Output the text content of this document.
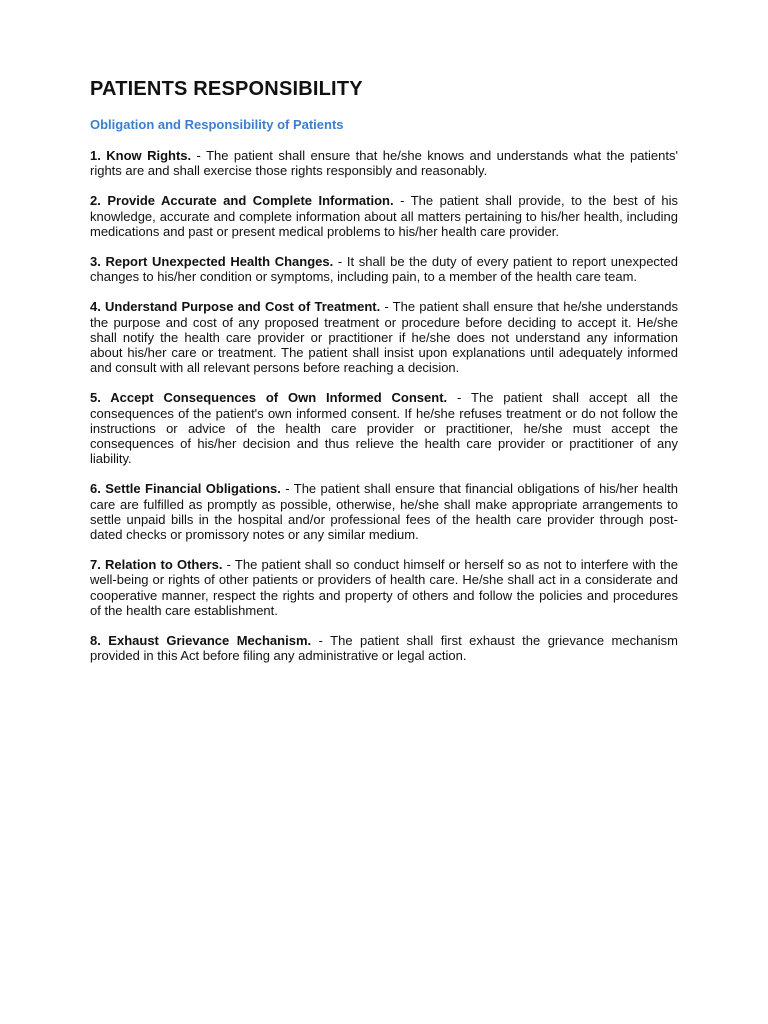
PATIENTS RESPONSIBILITY
Obligation and Responsibility of Patients

1. Know Rights. - The patient shall ensure that he/she knows and understands what the patients' rights are and shall exercise those rights responsibly and reasonably.

2. Provide Accurate and Complete Information. - The patient shall provide, to the best of his knowledge, accurate and complete information about all matters pertaining to his/her health, including medications and past or present medical problems to his/her health care provider.

3. Report Unexpected Health Changes. - It shall be the duty of every patient to report unexpected changes to his/her condition or symptoms, including pain, to a member of the health care team.

4. Understand Purpose and Cost of Treatment. - The patient shall ensure that he/she understands the purpose and cost of any proposed treatment or procedure before deciding to accept it. He/she shall notify the health care provider or practitioner if he/she does not understand any information about his/her care or treatment. The patient shall insist upon explanations until adequately informed and consult with all relevant persons before reaching a decision.

5. Accept Consequences of Own Informed Consent. - The patient shall accept all the consequences of the patient's own informed consent. If he/she refuses treatment or do not follow the instructions or advice of the health care provider or practitioner, he/she must accept the consequences of his/her decision and thus relieve the health care provider or practitioner of any liability.

6. Settle Financial Obligations. - The patient shall ensure that financial obligations of his/her health care are fulfilled as promptly as possible, otherwise, he/she shall make appropriate arrangements to settle unpaid bills in the hospital and/or professional fees of the health care provider through post-dated checks or promissory notes or any similar medium.

7. Relation to Others. - The patient shall so conduct himself or herself so as not to interfere with the well-being or rights of other patients or providers of health care. He/she shall act in a considerate and cooperative manner, respect the rights and property of others and follow the policies and procedures of the health care establishment.

8. Exhaust Grievance Mechanism. - The patient shall first exhaust the grievance mechanism provided in this Act before filing any administrative or legal action.
